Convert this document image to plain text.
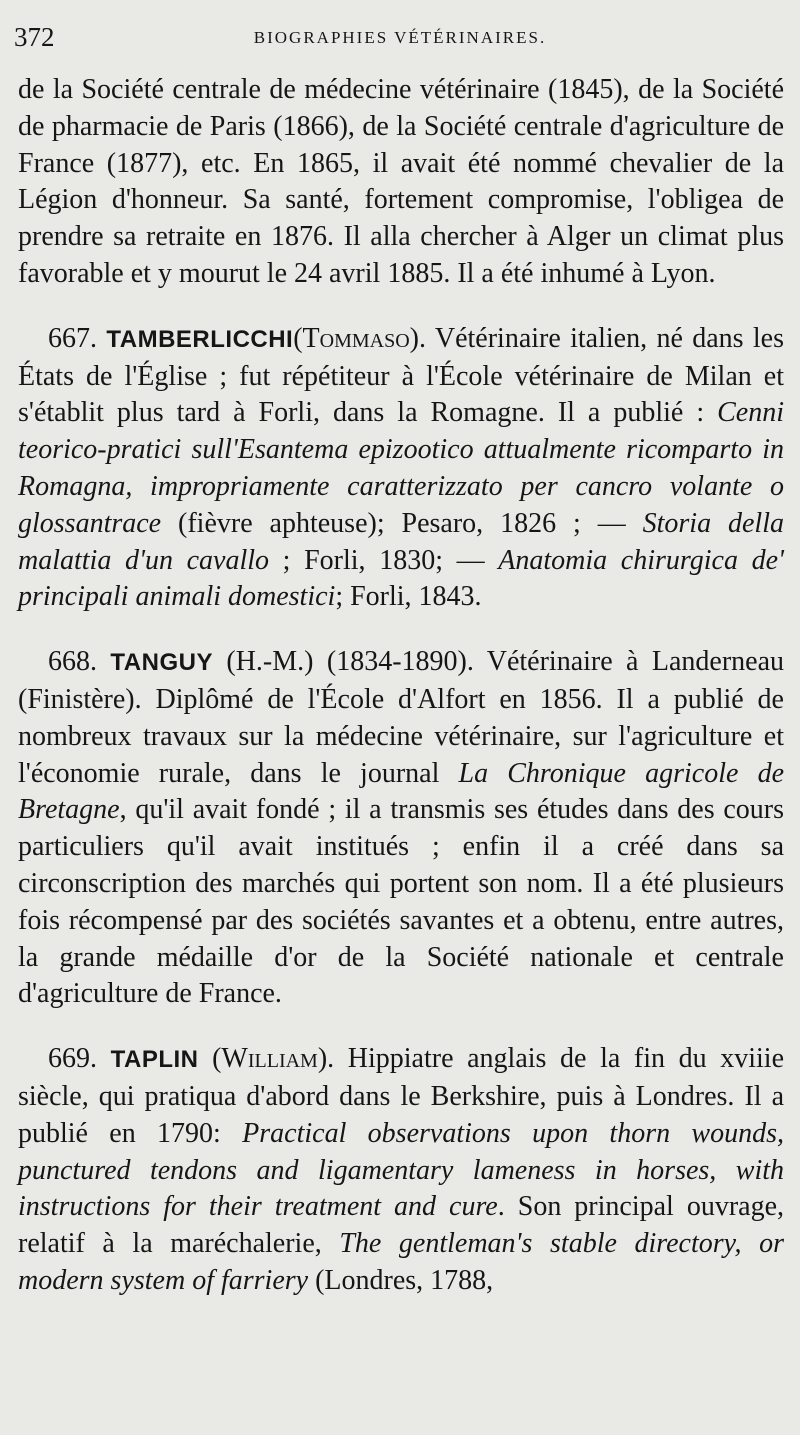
372	BIOGRAPHIES VÉTÉRINAIRES.

de la Société centrale de médecine vétérinaire (1845), de la Société de pharmacie de Paris (1866), de la Société centrale d'agriculture de France (1877), etc. En 1865, il avait été nommé chevalier de la Légion d'honneur. Sa santé, fortement compromise, l'obligea de prendre sa retraite en 1876. Il alla chercher à Alger un climat plus favorable et y mourut le 24 avril 1885. Il a été inhumé à Lyon.

667. TAMBERLICCHI(Tommaso). Vétérinaire italien, né dans les États de l'Église ; fut répétiteur à l'École vétérinaire de Milan et s'établit plus tard à Forli, dans la Romagne. Il a publié : Cenni teorico-pratici sull'Esantema epizootico attualmente ricomparto in Romagna, impropriamente caratterizzato per cancro volante o glossantrace (fièvre aphteuse); Pesaro, 1826 ; — Storia della malattia d'un cavallo ; Forli, 1830; — Anatomia chirurgica de' principali animali domestici; Forli, 1843.

668. TANGUY (H.-M.) (1834-1890). Vétérinaire à Landerneau (Finistère). Diplômé de l'École d'Alfort en 1856. Il a publié de nombreux travaux sur la médecine vétérinaire, sur l'agriculture et l'économie rurale, dans le journal La Chronique agricole de Bretagne, qu'il avait fondé ; il a transmis ses études dans des cours particuliers qu'il avait institués ; enfin il a créé dans sa circonscription des marchés qui portent son nom. Il a été plusieurs fois récompensé par des sociétés savantes et a obtenu, entre autres, la grande médaille d'or de la Société nationale et centrale d'agriculture de France.

669. TAPLIN (William). Hippiatre anglais de la fin du xviiie siècle, qui pratiqua d'abord dans le Berkshire, puis à Londres. Il a publié en 1790: Practical observations upon thorn wounds, punctured tendons and ligamentary lameness in horses, with instructions for their treatment and cure. Son principal ouvrage, relatif à la maréchalerie, The gentleman's stable directory, or modern system of farriery (Londres, 1788,
